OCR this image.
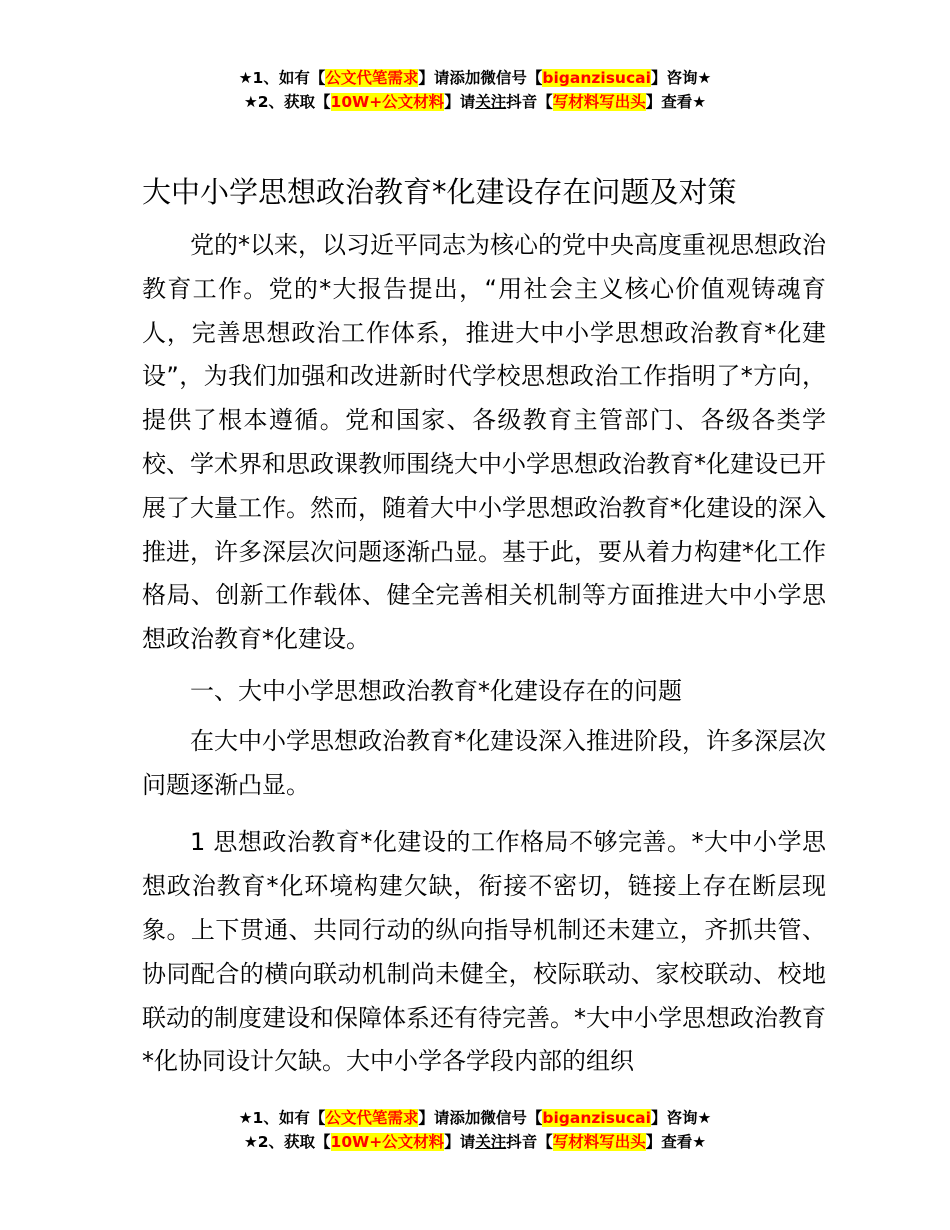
★1、如有【公文代笔需求】请添加微信号【biganzisucai】咨询★
★2、获取【10W+公文材料】请关注抖音【写材料写出头】查看★
大中小学思想政治教育*化建设存在问题及对策

党的*以来，以习近平同志为核心的党中央高度重视思想政治教育工作。党的*大报告提出，“用社会主义核心价值观铸魂育人，完善思想政治工作体系，推进大中小学思想政治教育*化建设”，为我们加强和改进新时代学校思想政治工作指明了*方向，提供了根本遵循。党和国家、各级教育主管部门、各级各类学校、学术界和思政课教师围绕大中小学思想政治教育*化建设已开展了大量工作。然而，随着大中小学思想政治教育*化建设的深入推进，许多深层次问题逐渐凸显。基于此，要从着力构建*化工作格局、创新工作载体、健全完善相关机制等方面推进大中小学思想政治教育*化建设。

一、大中小学思想政治教育*化建设存在的问题

在大中小学思想政治教育*化建设深入推进阶段，许多深层次问题逐渐凸显。

1 思想政治教育*化建设的工作格局不够完善。*大中小学思想政治教育*化环境构建欠缺，衔接不密切，链接上存在断层现象。上下贯通、共同行动的纵向指导机制还未建立，齐抓共管、协同配合的横向联动机制尚未健全，校际联动、家校联动、校地联动的制度建设和保障体系还有待完善。*大中小学思想政治教育*化协同设计欠缺。大中小学各学段内部的组织

★1、如有【公文代笔需求】请添加微信号【biganzisucai】咨询★
★2、获取【10W+公文材料】请关注抖音【写材料写出头】查看★
